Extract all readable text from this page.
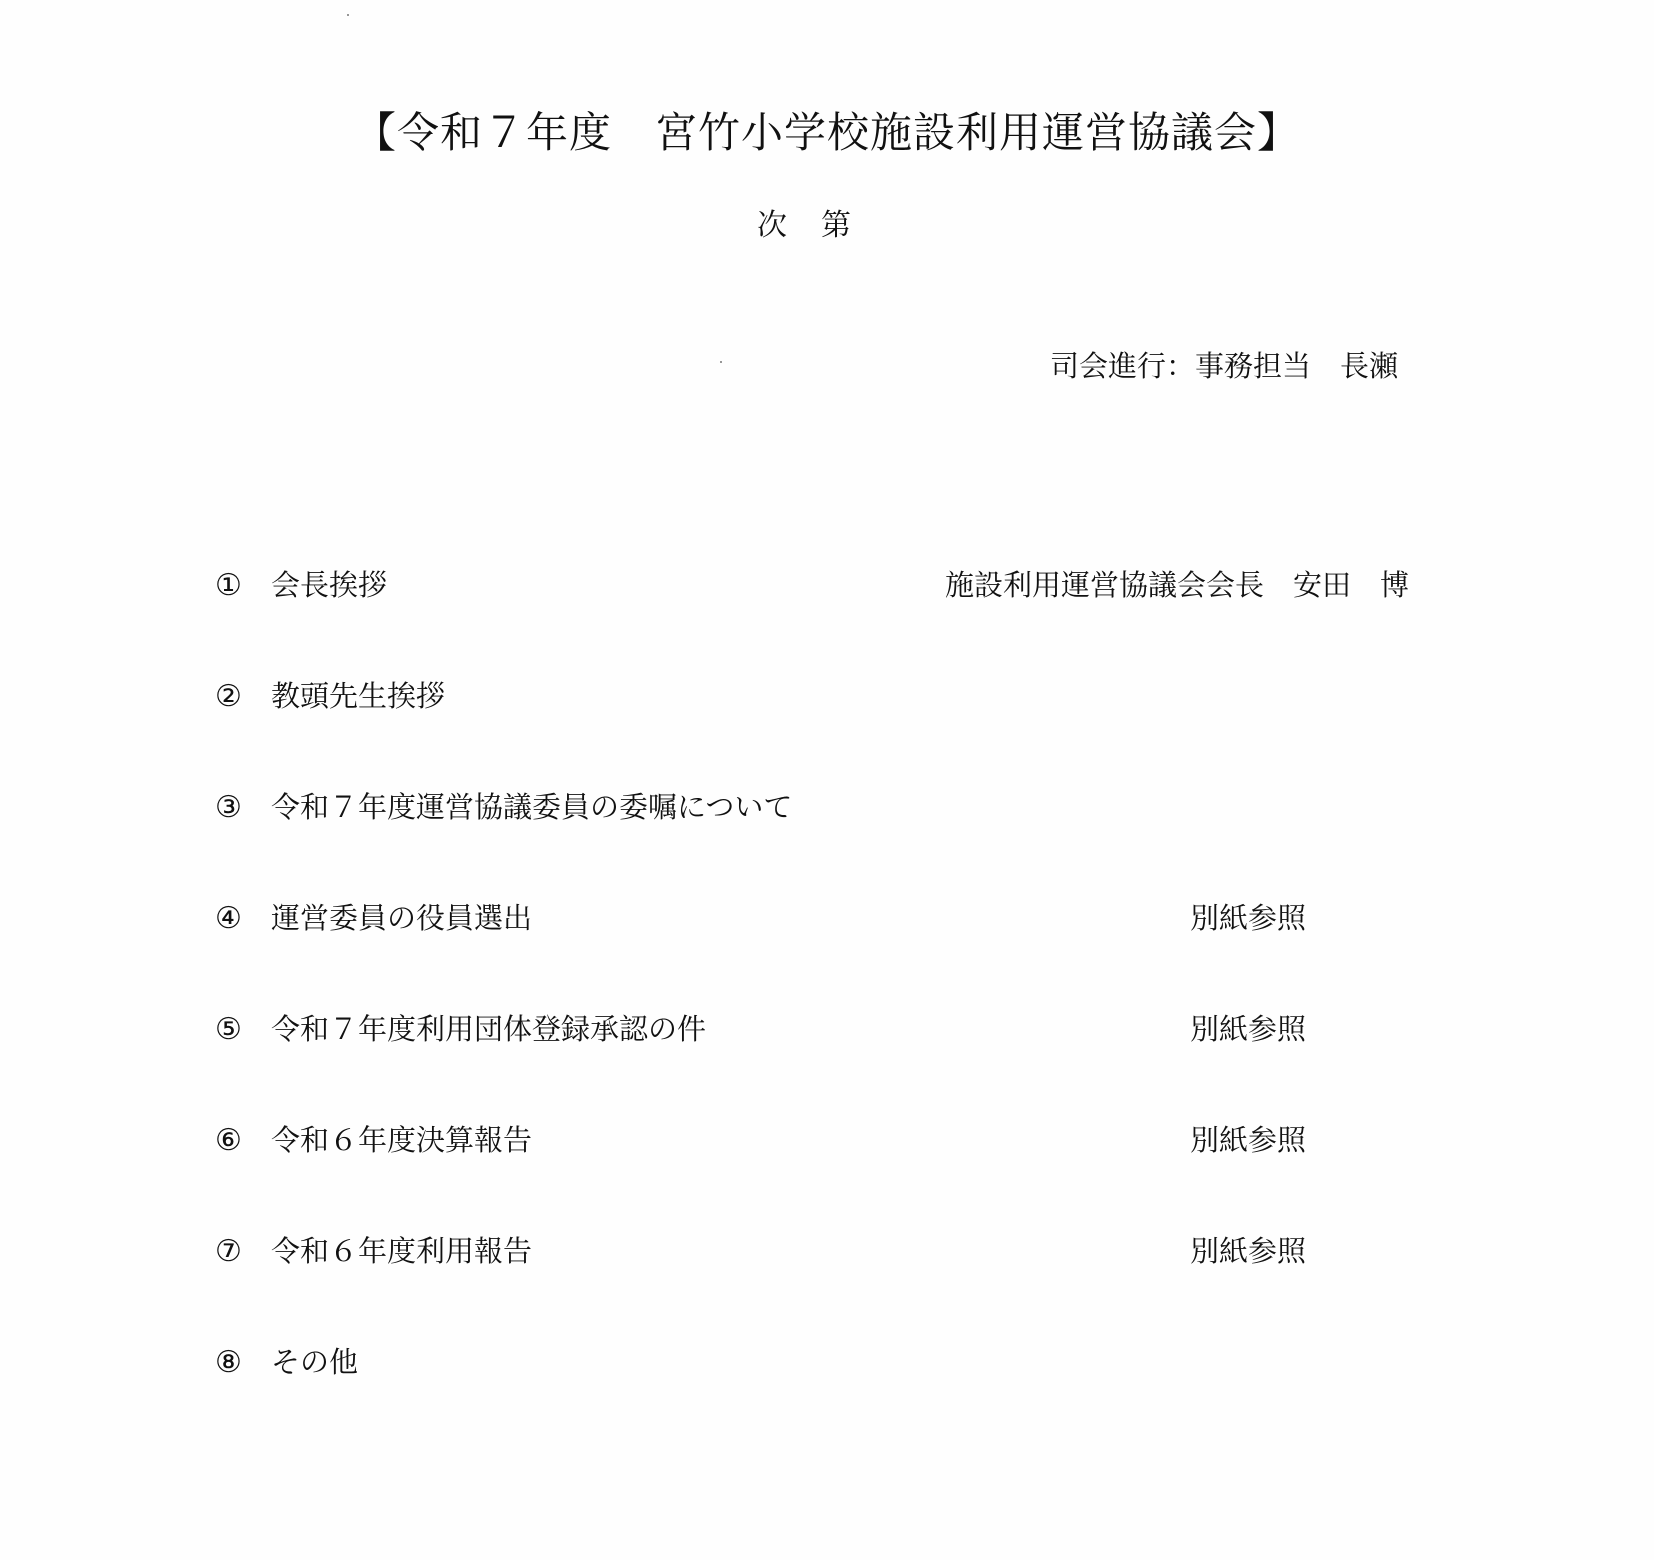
【令和７年度　宮竹小学校施設利用運営協議会】
次　第
司会進行：事務担当　長瀬
① 会長挨拶	施設利用運営協議会会長　安田　博
② 教頭先生挨拶
③ 令和７年度運営協議委員の委嘱について
④ 運営委員の役員選出	別紙参照
⑤ 令和７年度利用団体登録承認の件	別紙参照
⑥ 令和６年度決算報告	別紙参照
⑦ 令和６年度利用報告	別紙参照
⑧ その他
